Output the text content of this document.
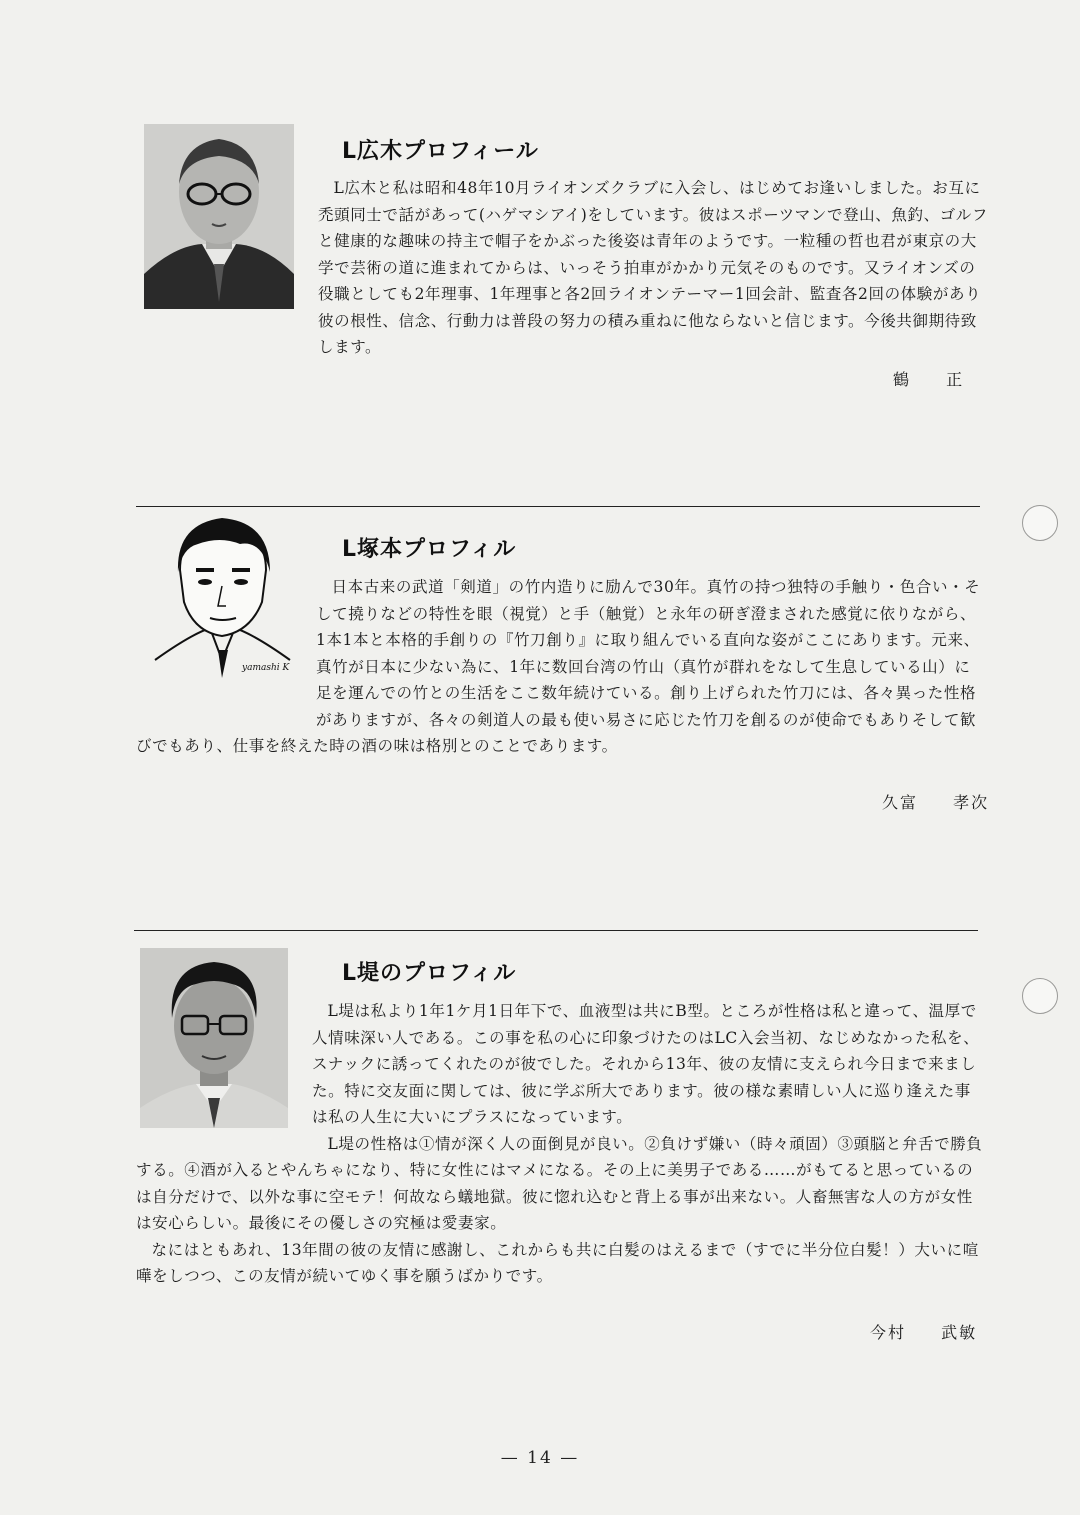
L広木プロフィール

L広木と私は昭和48年10月ライオンズクラブに入会し、はじめてお逢いしました。お互に禿頭同士で話があって(ハゲマシアイ)をしています。彼はスポーツマンで登山、魚釣、ゴルフと健康的な趣味の持主で帽子をかぶった後姿は青年のようです。一粒種の哲也君が東京の大学で芸術の道に進まれてからは、いっそう拍車がかかり元気そのものです。又ライオンズの役職としても2年理事、1年理事と各2回ライオンテーマー1回会計、監査各2回の体験があり彼の根性、信念、行動力は普段の努力の積み重ねに他ならないと信じます。今後共御期待致します。

鶴 正
yamashi K
L塚本プロフィル

日本古来の武道「剣道」の竹内造りに励んで30年。真竹の持つ独特の手触り・色合い・そして撓りなどの特性を眼（視覚）と手（触覚）と永年の研ぎ澄まされた感覚に依りながら、1本1本と本格的手創りの『竹刀創り』に取り組んでいる直向な姿がここにあります。元来、真竹が日本に少ない為に、1年に数回台湾の竹山（真竹が群れをなして生息している山）に足を運んでの竹との生活をここ数年続けている。創り上げられた竹刀には、各々異った性格がありますが、各々の剣道人の最も使い易さに応じた竹刀を創るのが使命でもありそして歓びでもあり、仕事を終えた時の酒の味は格別とのことであります。

久富 孝次
L堤のプロフィル

L堤は私より1年1ケ月1日年下で、血液型は共にB型。ところが性格は私と違って、温厚で人情味深い人である。この事を私の心に印象づけたのはLC入会当初、なじめなかった私を、スナックに誘ってくれたのが彼でした。それから13年、彼の友情に支えられ今日まで来ました。特に交友面に関しては、彼に学ぶ所大であります。彼の様な素晴しい人に巡り逢えた事は私の人生に大いにプラスになっています。

L堤の性格は①情が深く人の面倒見が良い。②負けず嫌い（時々頑固）③頭脳と弁舌で勝負する。④酒が入るとやんちゃになり、特に女性にはマメになる。その上に美男子である……がもてると思っているのは自分だけで、以外な事に空モテ！何故なら蟻地獄。彼に惚れ込むと背上る事が出来ない。人畜無害な人の方が女性は安心らしい。最後にその優しさの究極は愛妻家。

なにはともあれ、13年間の彼の友情に感謝し、これからも共に白髪のはえるまで（すでに半分位白髪！）大いに喧嘩をしつつ、この友情が続いてゆく事を願うばかりです。

今村 武敏
— 14 —
